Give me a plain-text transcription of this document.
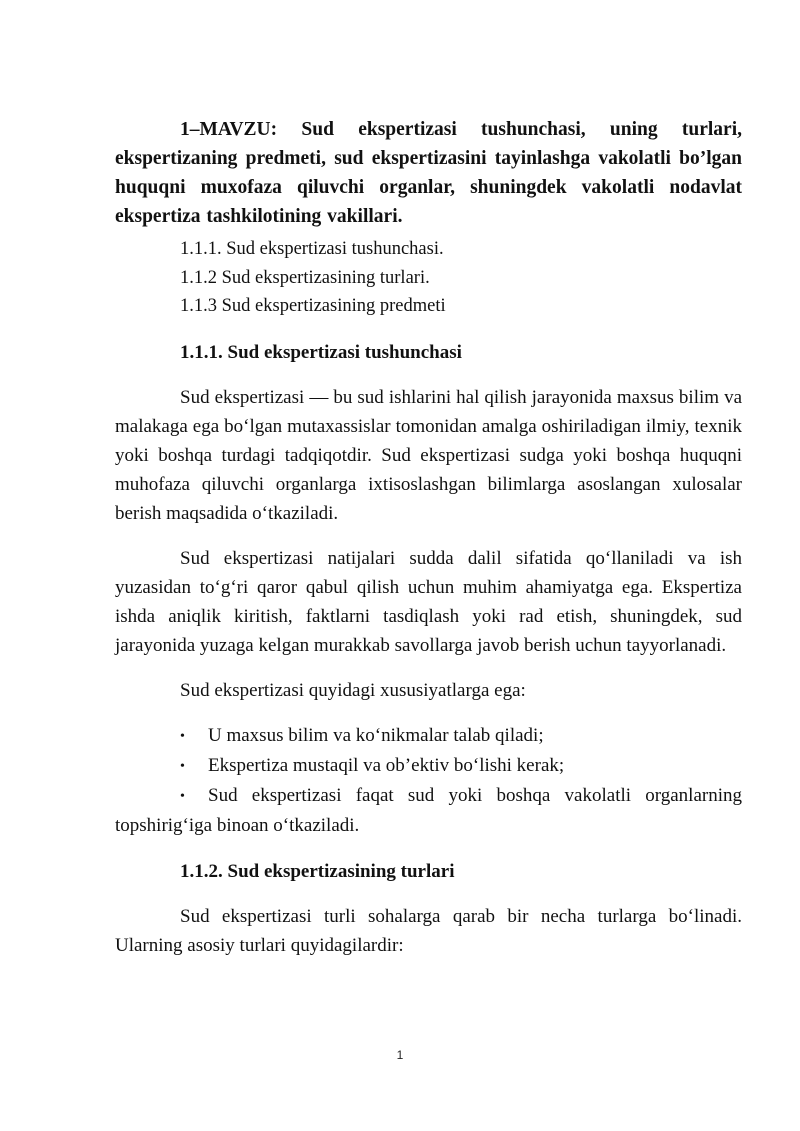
1–MAVZU: Sud ekspertizasi tushunchasi, uning turlari, ekspertizaning predmeti, sud ekspertizasini tayinlashga vakolatli bo’lgan huquqni muxofaza qiluvchi organlar, shuningdek vakolatli nodavlat ekspertiza tashkilotining vakillari.

1.1.1. Sud ekspertizasi tushunchasi.
1.1.2 Sud ekspertizasining turlari.
1.1.3 Sud ekspertizasining predmeti
1.1.1. Sud ekspertizasi tushunchasi

Sud ekspertizasi — bu sud ishlarini hal qilish jarayonida maxsus bilim va malakaga ega bo‘lgan mutaxassislar tomonidan amalga oshiriladigan ilmiy, texnik yoki boshqa turdagi tadqiqotdir. Sud ekspertizasi sudga yoki boshqa huquqni muhofaza qiluvchi organlarga ixtisoslashgan bilimlarga asoslangan xulosalar berish maqsadida o‘tkaziladi.

Sud ekspertizasi natijalari sudda dalil sifatida qo‘llaniladi va ish yuzasidan to‘g‘ri qaror qabul qilish uchun muhim ahamiyatga ega. Ekspertiza ishda aniqlik kiritish, faktlarni tasdiqlash yoki rad etish, shuningdek, sud jarayonida yuzaga kelgan murakkab savollarga javob berish uchun tayyorlanadi.

Sud ekspertizasi quyidagi xususiyatlarga ega:

• U maxsus bilim va ko‘nikmalar talab qiladi;
• Ekspertiza mustaqil va ob’ektiv bo‘lishi kerak;
• Sud ekspertizasi faqat sud yoki boshqa vakolatli organlarning topshirig‘iga binoan o‘tkaziladi.
1.1.2. Sud ekspertizasining turlari

Sud ekspertizasi turli sohalarga qarab bir necha turlarga bo‘linadi. Ularning asosiy turlari quyidagilardir:

1
